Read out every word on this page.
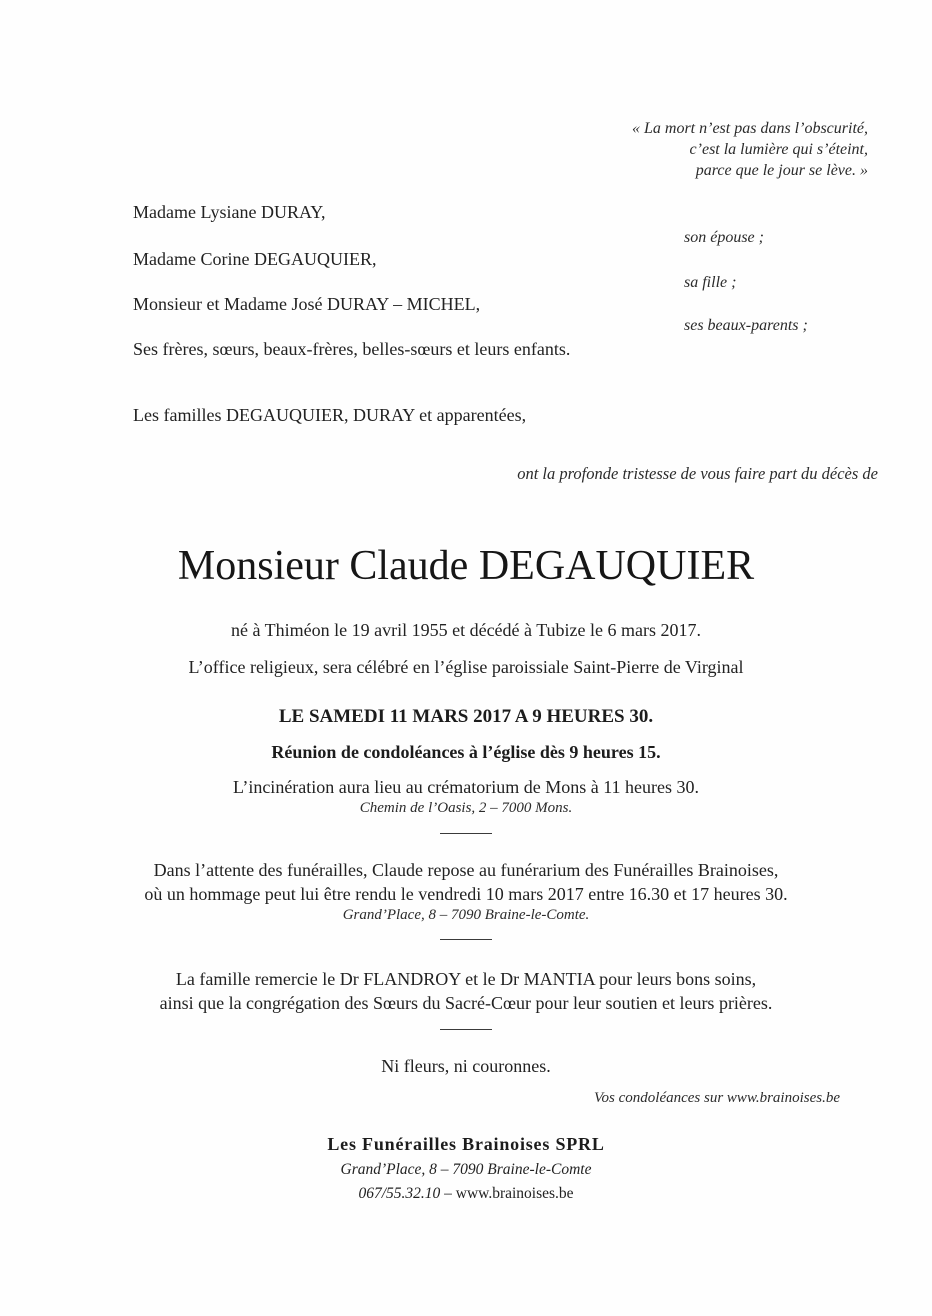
« La mort n’est pas dans l’obscurité,
c’est la lumière qui s’éteint,
parce que le jour se lève. »
Madame Lysiane DURAY,
son épouse ;
Madame Corine DEGAUQUIER,
sa fille ;
Monsieur et Madame José DURAY – MICHEL,
ses beaux-parents ;
Ses frères, sœurs, beaux-frères, belles-sœurs et leurs enfants.
Les familles DEGAUQUIER, DURAY et apparentées,
ont la profonde tristesse de vous faire part du décès de
Monsieur Claude DEGAUQUIER
né à Thiméon le 19 avril 1955 et décédé à Tubize le 6 mars 2017.
L’office religieux, sera célébré en l’église paroissiale Saint-Pierre de Virginal
LE SAMEDI 11 MARS 2017 A 9 HEURES 30.
Réunion de condoléances à l’église dès 9 heures 15.
L’incinération aura lieu au crématorium de Mons à 11 heures 30.
Chemin de l’Oasis, 2 – 7000 Mons.
Dans l’attente des funérailles, Claude repose au funérarium des Funérailles Brainoises,
où un hommage peut lui être rendu le vendredi 10 mars 2017 entre 16.30 et 17 heures 30.
Grand’Place, 8 – 7090 Braine-le-Comte.
La famille remercie le Dr FLANDROY et le Dr MANTIA pour leurs bons soins,
ainsi que la congrégation des Sœurs du Sacré-Cœur pour leur soutien et leurs prières.
Ni fleurs, ni couronnes.
Vos condoléances sur www.brainoises.be
Les Funérailles Brainoises SPRL
Grand’Place, 8 – 7090 Braine-le-Comte
067/55.32.10 – www.brainoises.be
